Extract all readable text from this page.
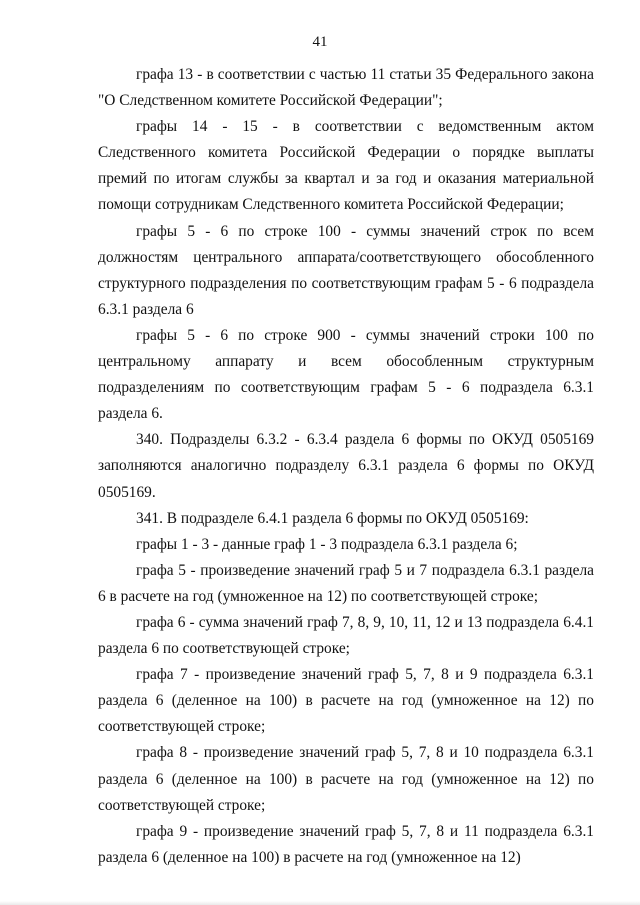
41

графа 13 - в соответствии с частью 11 статьи 35 Федерального закона "О Следственном комитете Российской Федерации";

графы 14 - 15 - в соответствии с ведомственным актом Следственного комитета Российской Федерации о порядке выплаты премий по итогам службы за квартал и за год и оказания материальной помощи сотрудникам Следственного комитета Российской Федерации;

графы 5 - 6 по строке 100 - суммы значений строк по всем должностям центрального аппарата/соответствующего обособленного структурного подразделения по соответствующим графам 5 - 6 подраздела 6.3.1 раздела 6

графы 5 - 6 по строке 900 - суммы значений строки 100 по центральному аппарату и всем обособленным структурным подразделениям по соответствующим графам 5 - 6 подраздела 6.3.1 раздела 6.

340. Подразделы 6.3.2 - 6.3.4 раздела 6 формы по ОКУД 0505169 заполняются аналогично подразделу 6.3.1 раздела 6 формы по ОКУД 0505169.

341. В подразделе 6.4.1 раздела 6 формы по ОКУД 0505169:

графы 1 - 3 - данные граф 1 - 3 подраздела 6.3.1 раздела 6;

графа 5 - произведение значений граф 5 и 7 подраздела 6.3.1 раздела 6 в расчете на год (умноженное на 12) по соответствующей строке;

графа 6 - сумма значений граф 7, 8, 9, 10, 11, 12 и 13 подраздела 6.4.1 раздела 6 по соответствующей строке;

графа 7 - произведение значений граф 5, 7, 8 и 9 подраздела 6.3.1 раздела 6 (деленное на 100) в расчете на год (умноженное на 12) по соответствующей строке;

графа 8 - произведение значений граф 5, 7, 8 и 10 подраздела 6.3.1 раздела 6 (деленное на 100) в расчете на год (умноженное на 12) по соответствующей строке;

графа 9 - произведение значений граф 5, 7, 8 и 11 подраздела 6.3.1 раздела 6 (деленное на 100) в расчете на год (умноженное на 12)
